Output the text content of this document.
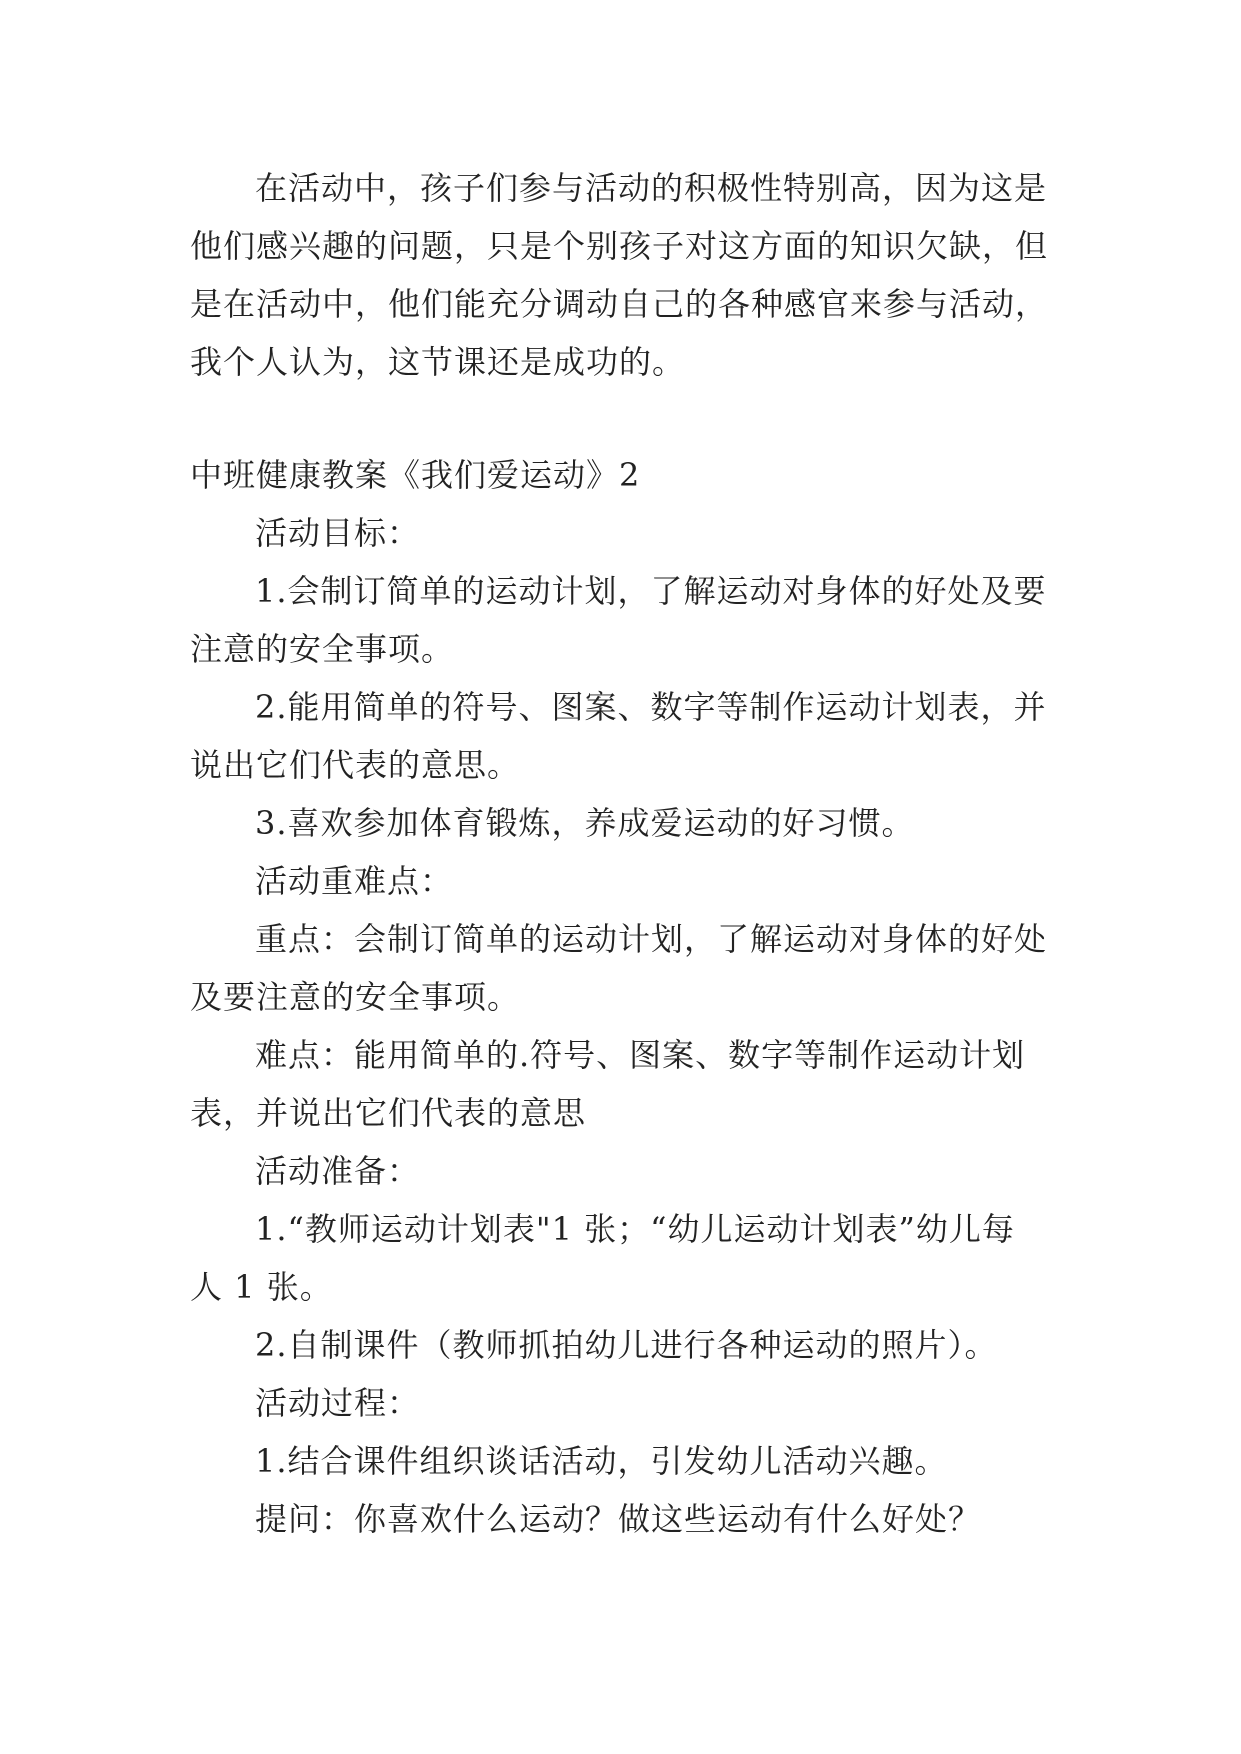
在活动中，孩子们参与活动的积极性特别高，因为这是
他们感兴趣的问题，只是个别孩子对这方面的知识欠缺，但
是在活动中，他们能充分调动自己的各种感官来参与活动，
我个人认为，这节课还是成功的。
中班健康教案《我们爱运动》2
活动目标：
1.会制订简单的运动计划，了解运动对身体的好处及要
注意的安全事项。
2.能用简单的符号、图案、数字等制作运动计划表，并
说出它们代表的意思。
3.喜欢参加体育锻炼，养成爱运动的好习惯。
活动重难点：
重点：会制订简单的运动计划，了解运动对身体的好处
及要注意的安全事项。
难点：能用简单的.符号、图案、数字等制作运动计划
表，并说出它们代表的意思
活动准备：
1.“教师运动计划表"1 张；“幼儿运动计划表”幼儿每
人 1 张。
2.自制课件（教师抓拍幼儿进行各种运动的照片）。
活动过程：
1.结合课件组织谈话活动，引发幼儿活动兴趣。
提问：你喜欢什么运动？做这些运动有什么好处？
